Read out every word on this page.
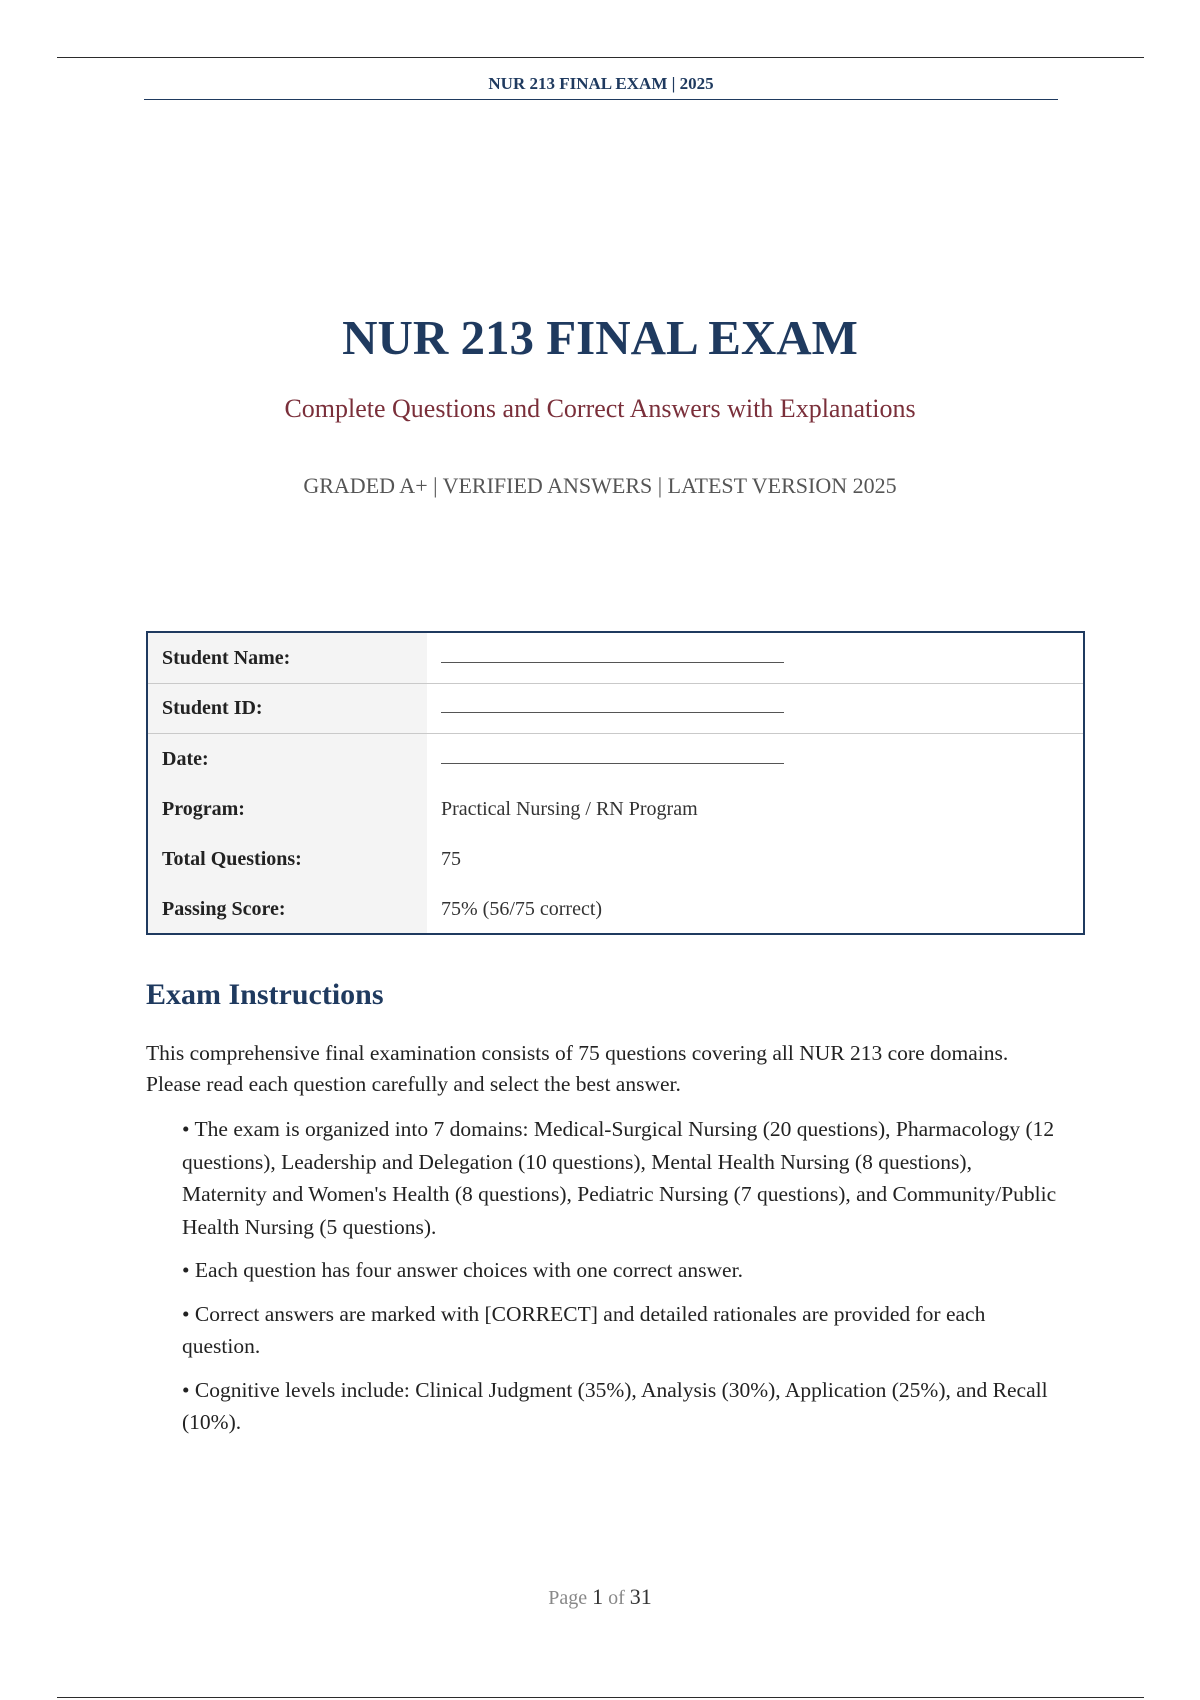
NUR 213 FINAL EXAM | 2025
NUR 213 FINAL EXAM
Complete Questions and Correct Answers with Explanations
GRADED A+ | VERIFIED ANSWERS | LATEST VERSION 2025
Student Name:
Student ID:
Date:
Program:	Practical Nursing / RN Program
Total Questions:	75
Passing Score:	75% (56/75 correct)
Exam Instructions

This comprehensive final examination consists of 75 questions covering all NUR 213 core domains. Please read each question carefully and select the best answer.

• The exam is organized into 7 domains: Medical-Surgical Nursing (20 questions), Pharmacology (12 questions), Leadership and Delegation (10 questions), Mental Health Nursing (8 questions), Maternity and Women's Health (8 questions), Pediatric Nursing (7 questions), and Community/Public Health Nursing (5 questions).
• Each question has four answer choices with one correct answer.
• Correct answers are marked with [CORRECT] and detailed rationales are provided for each question.
• Cognitive levels include: Clinical Judgment (35%), Analysis (30%), Application (25%), and Recall (10%).
Page 1 of 31
